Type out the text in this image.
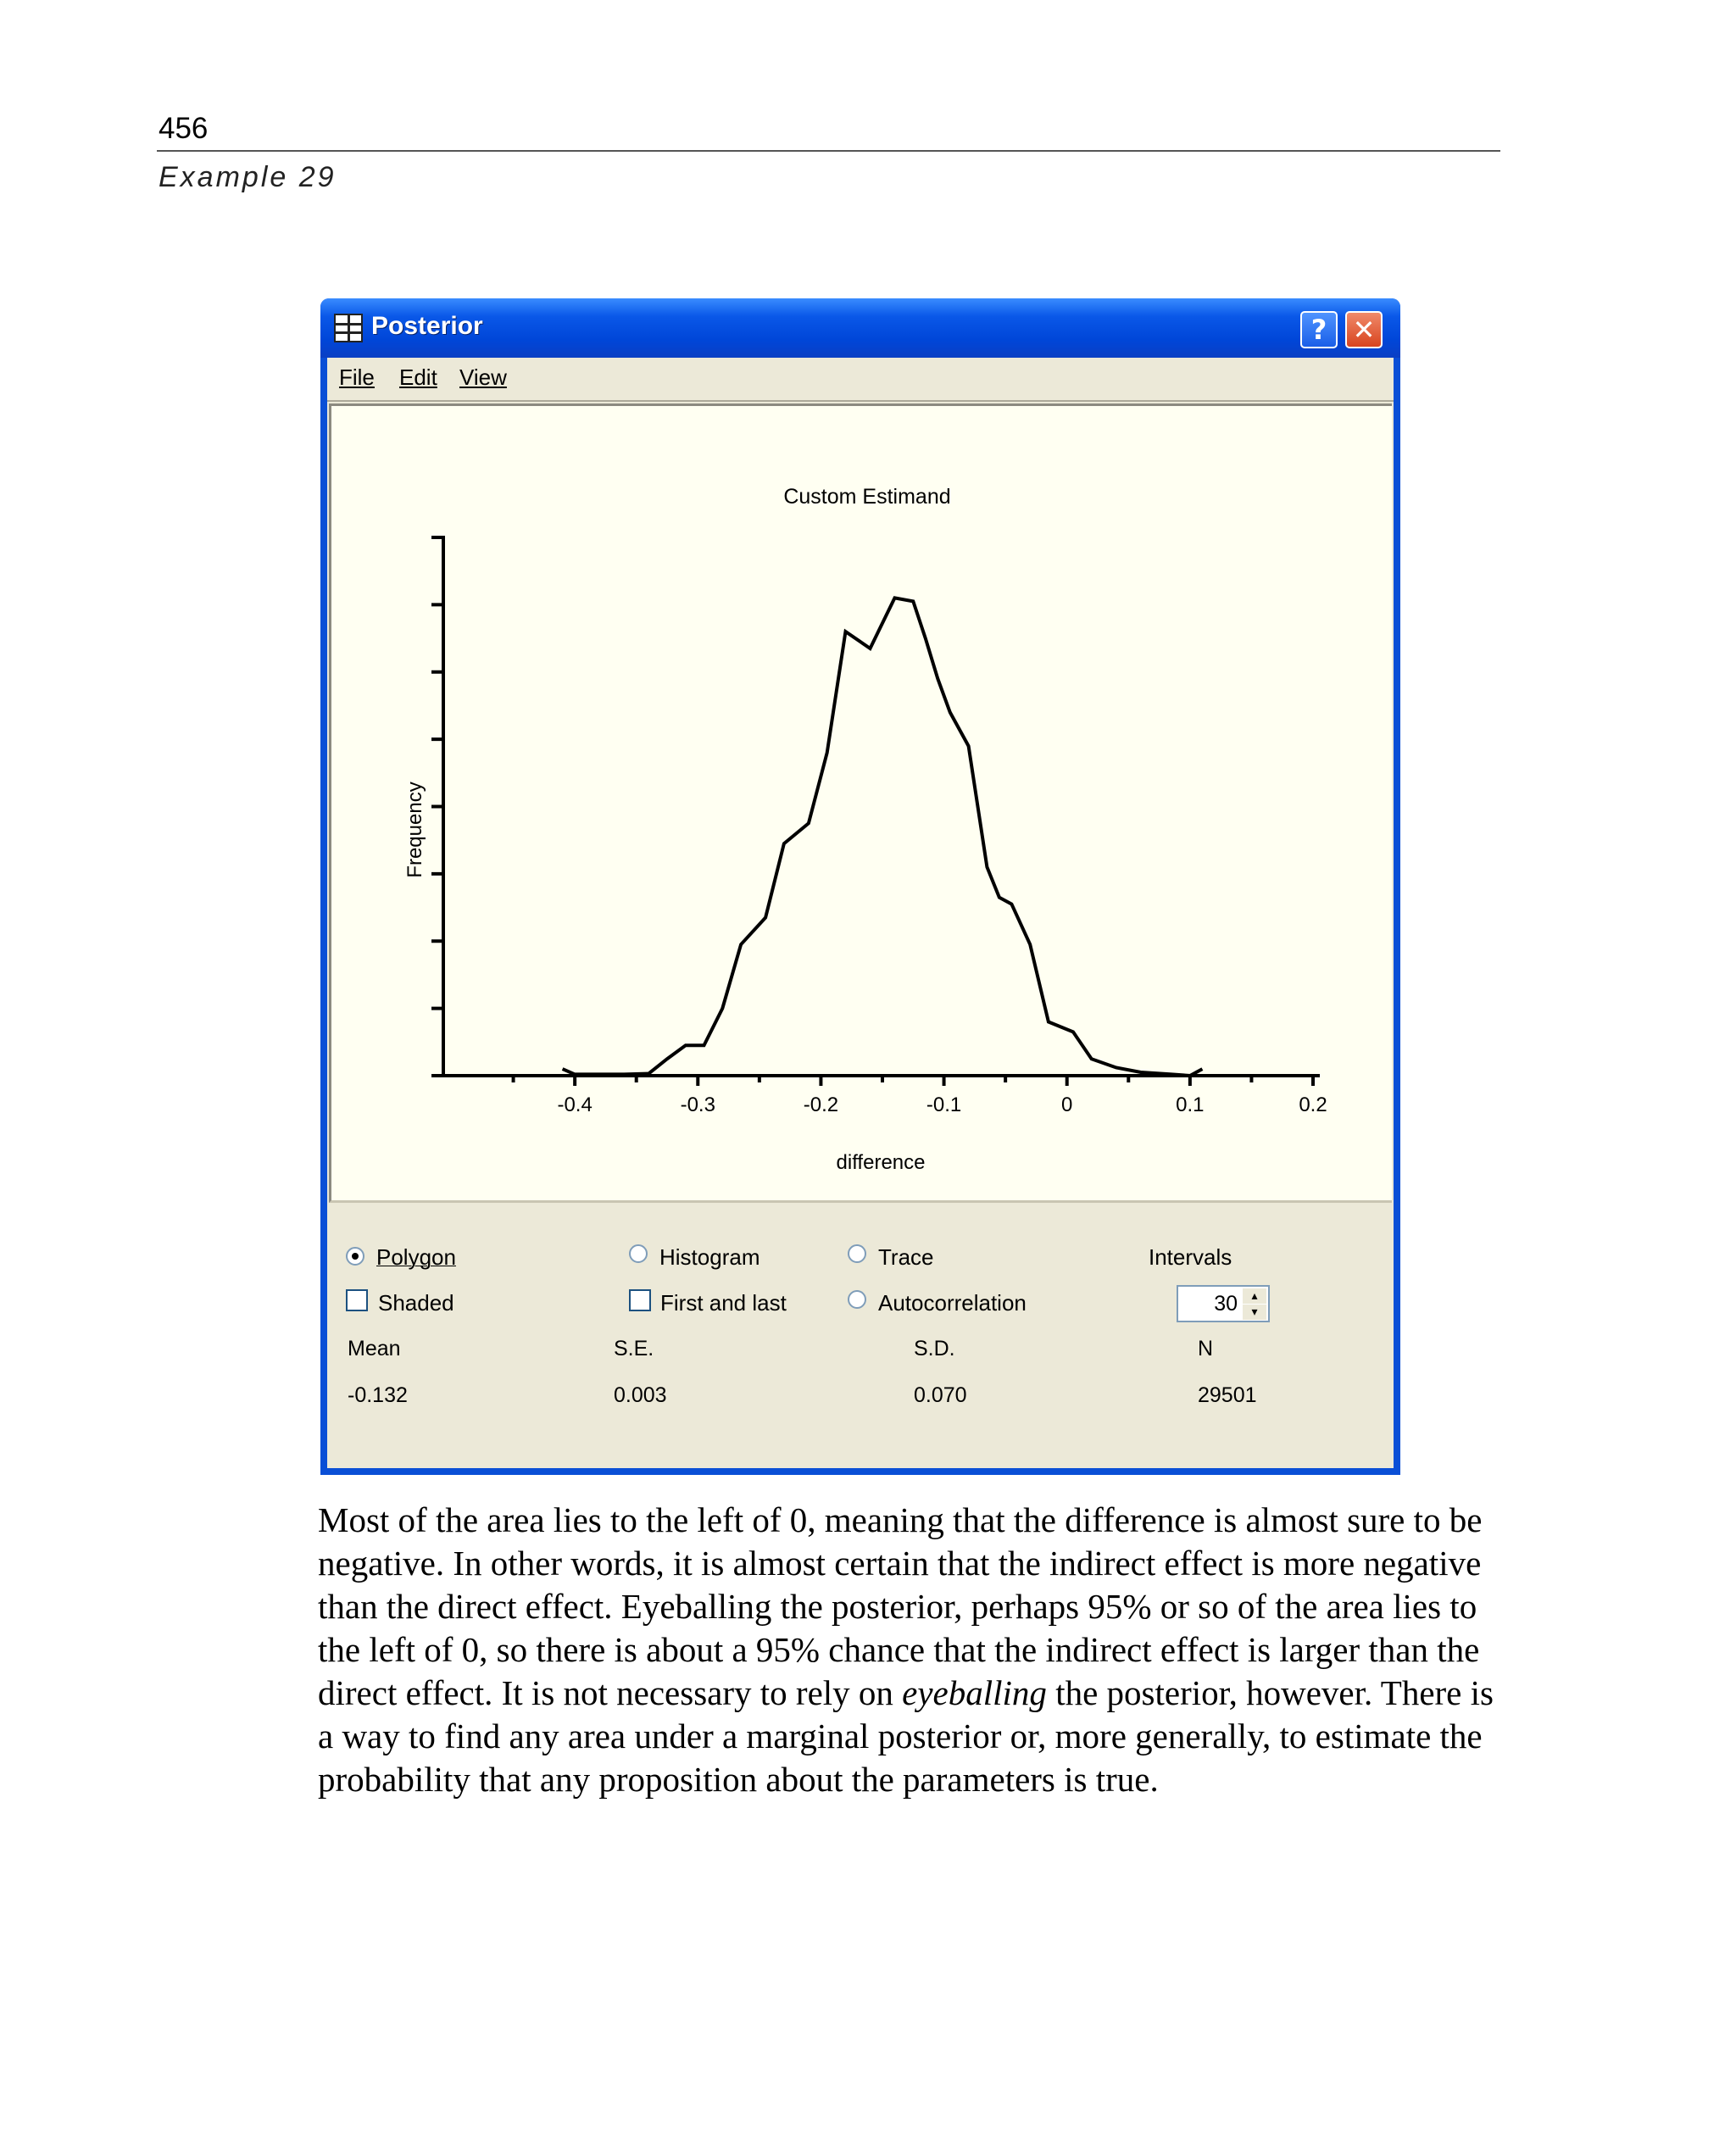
456
Example 29
Posterior	? ✕
File Edit View
Custom Estimand
-0.4	-0.3	-0.2	-0.1	0	0.1	0.2
difference
Frequency
Polygon	Histogram	Trace	Intervals
Shaded	First and last	Autocorrelation
Mean	S.E.	S.D.	N
-0.132	0.003	0.070	29501
30	▴
▾

Most of the area lies to the left of 0, meaning that the difference is almost sure to be negative. In other words, it is almost certain that the indirect effect is more negative than the direct effect. Eyeballing the posterior, perhaps 95% or so of the area lies to the left of 0, so there is about a 95% chance that the indirect effect is larger than the direct effect. It is not necessary to rely on eyeballing the posterior, however. There is a way to find any area under a marginal posterior or, more generally, to estimate the probability that any proposition about the parameters is true.
